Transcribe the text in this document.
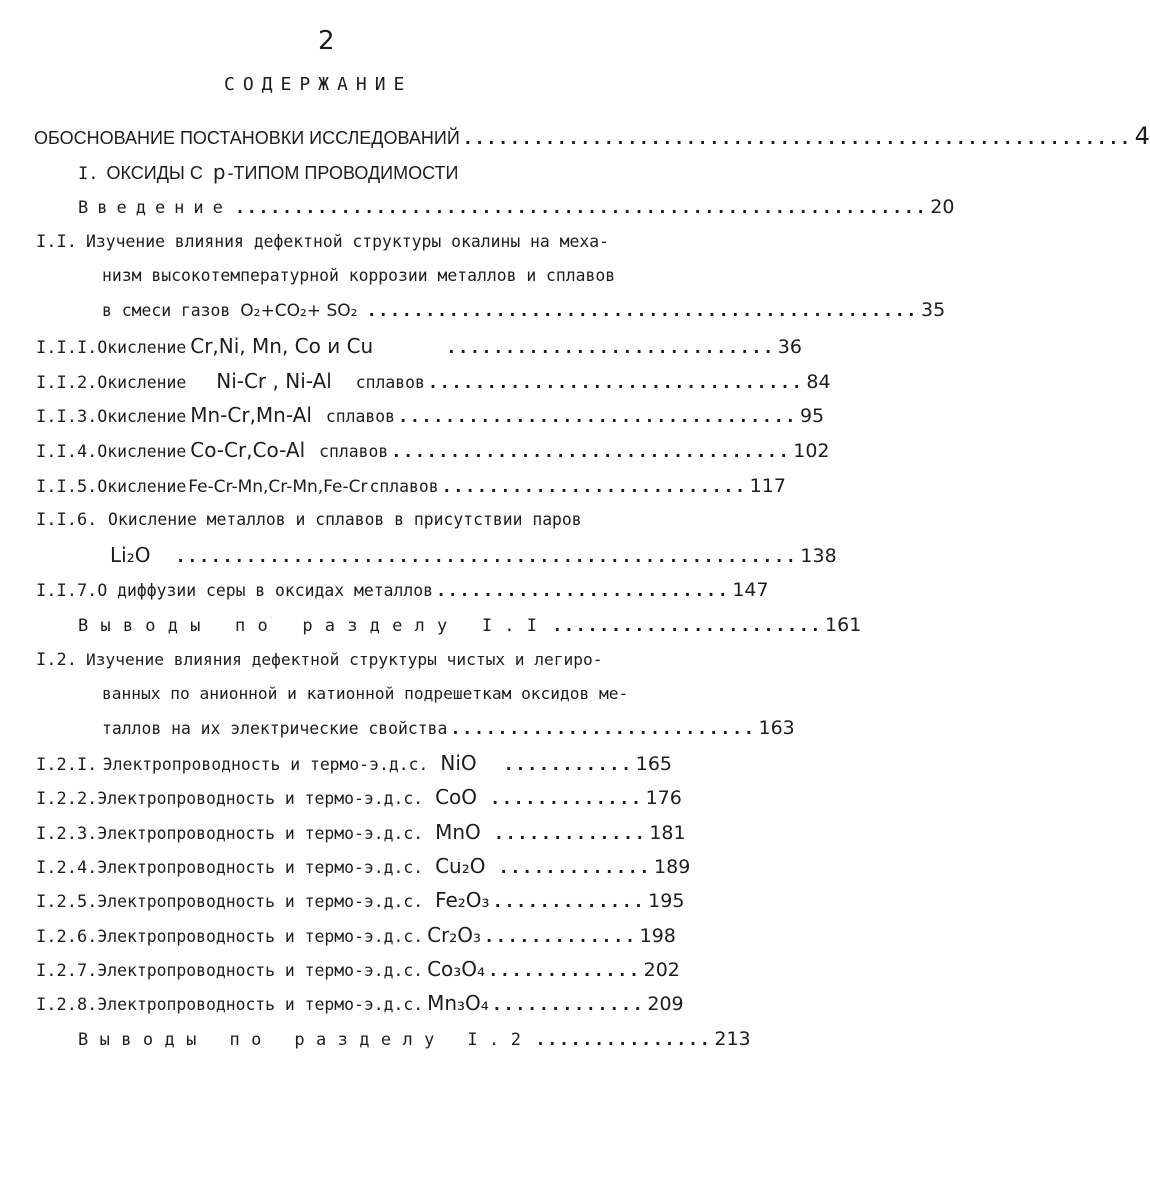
2
СОДЕРЖАНИЕ
ОБОСНОВАНИЕ ПОСТАНОВКИ ИССЛЕДОВАНИЙ ......................................................... 4
I. ОКСИДЫ С p -ТИПОМ ПРОВОДИМОСТИ
Введение ........................................................... 20
I.I. Изучение влияния дефектной структуры окалины на меха-
низм высокотемпературной коррозии металлов и сплавов
в смеси газов O₂+CO₂+ SO₂ ............................................... 35
I.I.I. Окисление Cr,Ni, Mn, Co и Cu	............................ 36
I.I.2. Окисление Ni-Cr , Ni-Al сплавов ................................ 84
I.I.3. Окисление Mn-Cr,Mn-Al сплавов .................................. 95
I.I.4. Окисление Co-Cr,Co-Al сплавов .................................. 102
I.I.5. Окисление Fe-Cr-Mn,Cr-Mn,Fe-Cr сплавов .......................... 117
I.I.6. Окисление металлов и сплавов в присутствии паров
Li₂O ..................................................... 138
I.I.7. О диффузии серы в оксидах металлов ......................... 147
Выводы по разделу I.I ....................... 161
I.2. Изучение влияния дефектной структуры чистых и легиро-
ванных по анионной и катионной подрешеткам оксидов ме-
таллов на их электрические свойства .......................... 163
I.2.I. Электропроводность и термо-э.д.с. NiO ........... 165
I.2.2. Электропроводность и термо-э.д.с. CoO ............. 176
I.2.3. Электропроводность и термо-э.д.с. MnO ............. 181
I.2.4. Электропроводность и термо-э.д.с. Cu₂O ............. 189
I.2.5. Электропроводность и термо-э.д.с. Fe₂O₃ ............. 195
I.2.6. Электропроводность и термо-э.д.с. Cr₂O₃ ............. 198
I.2.7. Электропроводность и термо-э.д.с. Co₃O₄ ............. 202
I.2.8. Электропроводность и термо-э.д.с. Mn₃O₄ ............. 209
Выводы по разделу I.2 ............... 213
